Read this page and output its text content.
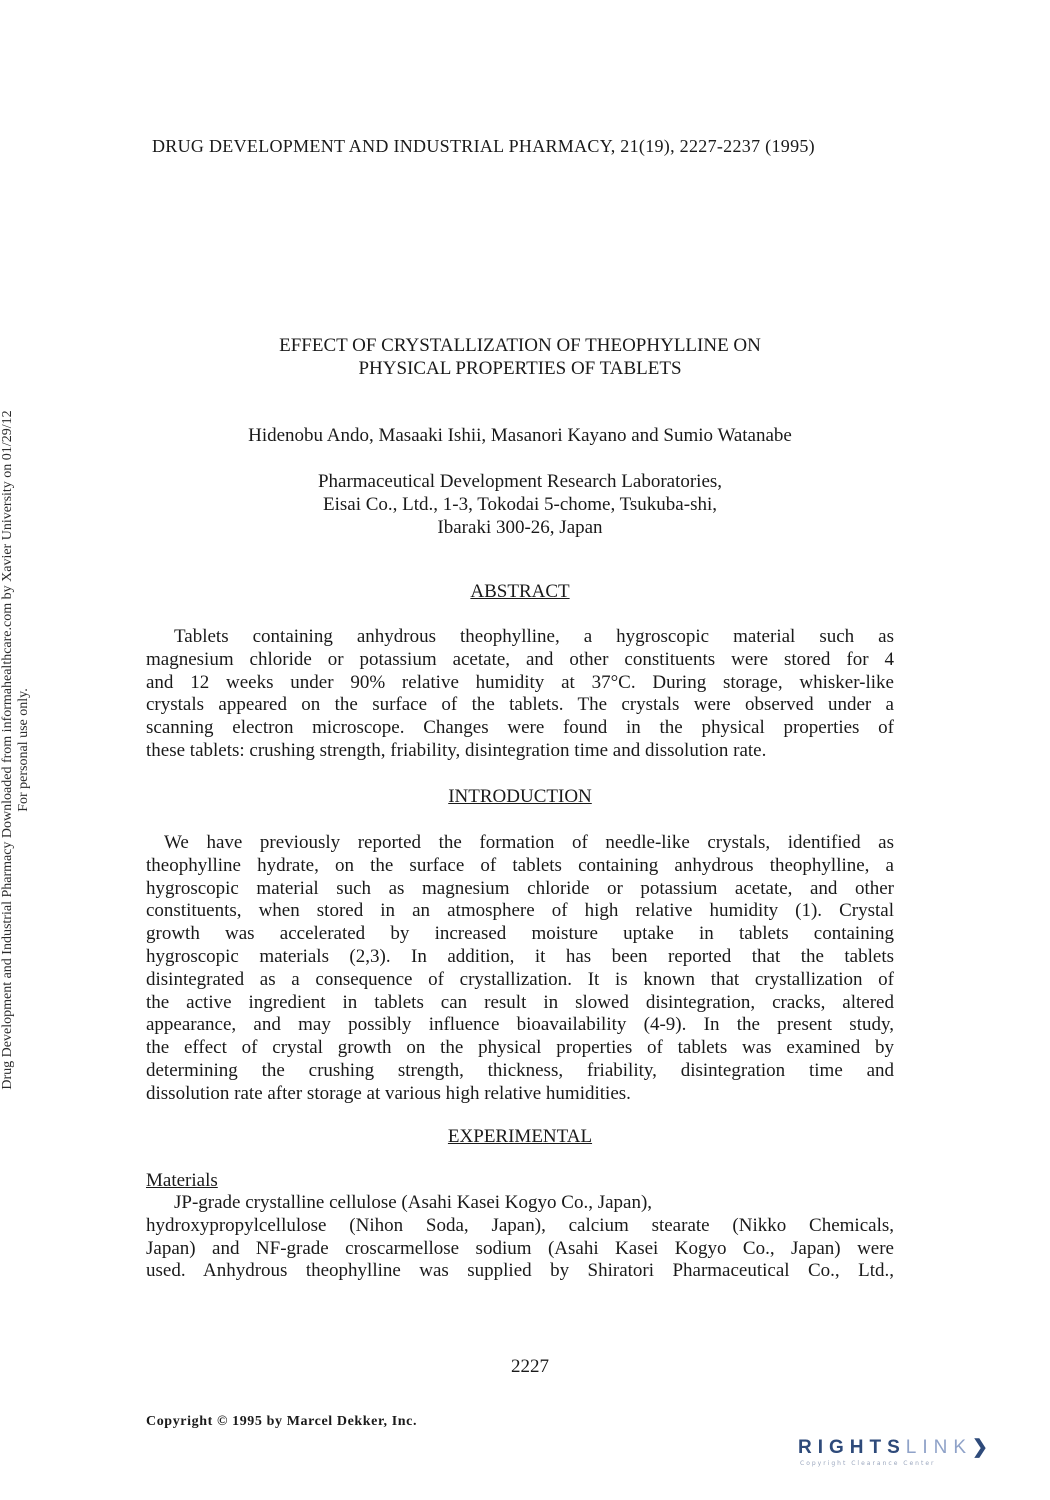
DRUG DEVELOPMENT AND INDUSTRIAL PHARMACY, 21(19), 2227-2237 (1995)
Drug Development and Industrial Pharmacy Downloaded from informahealthcare.com by Xavier University on 01/29/12 For personal use only.
EFFECT OF CRYSTALLIZATION OF THEOPHYLLINE ON
PHYSICAL PROPERTIES OF TABLETS
Hidenobu Ando, Masaaki Ishii, Masanori Kayano and Sumio Watanabe
Pharmaceutical Development Research Laboratories,
Eisai Co., Ltd., 1-3, Tokodai 5-chome, Tsukuba-shi,
Ibaraki 300-26, Japan
ABSTRACT
Tablets containing anhydrous theophylline, a hygroscopic material such as
magnesium chloride or potassium acetate, and other constituents were stored for 4
and 12 weeks under 90% relative humidity at 37°C. During storage, whisker-like
crystals appeared on the surface of the tablets. The crystals were observed under a
scanning electron microscope. Changes were found in the physical properties of
these tablets: crushing strength, friability, disintegration time and dissolution rate.
INTRODUCTION
We have previously reported the formation of needle-like crystals, identified as
theophylline hydrate, on the surface of tablets containing anhydrous theophylline, a
hygroscopic material such as magnesium chloride or potassium acetate, and other
constituents, when stored in an atmosphere of high relative humidity (1). Crystal
growth was accelerated by increased moisture uptake in tablets containing
hygroscopic materials (2,3). In addition, it has been reported that the tablets
disintegrated as a consequence of crystallization. It is known that crystallization of
the active ingredient in tablets can result in slowed disintegration, cracks, altered
appearance, and may possibly influence bioavailability (4-9). In the present study,
the effect of crystal growth on the physical properties of tablets was examined by
determining the crushing strength, thickness, friability, disintegration time and
dissolution rate after storage at various high relative humidities.
EXPERIMENTAL
Materials
JP-grade crystalline cellulose (Asahi Kasei Kogyo Co., Japan),
hydroxypropylcellulose (Nihon Soda, Japan), calcium stearate (Nikko Chemicals,
Japan) and NF-grade croscarmellose sodium (Asahi Kasei Kogyo Co., Japan) were
used. Anhydrous theophylline was supplied by Shiratori Pharmaceutical Co., Ltd.,
2227
Copyright © 1995 by Marcel Dekker, Inc.
RIGHTSLINK❯
Copyright Clearance Center
